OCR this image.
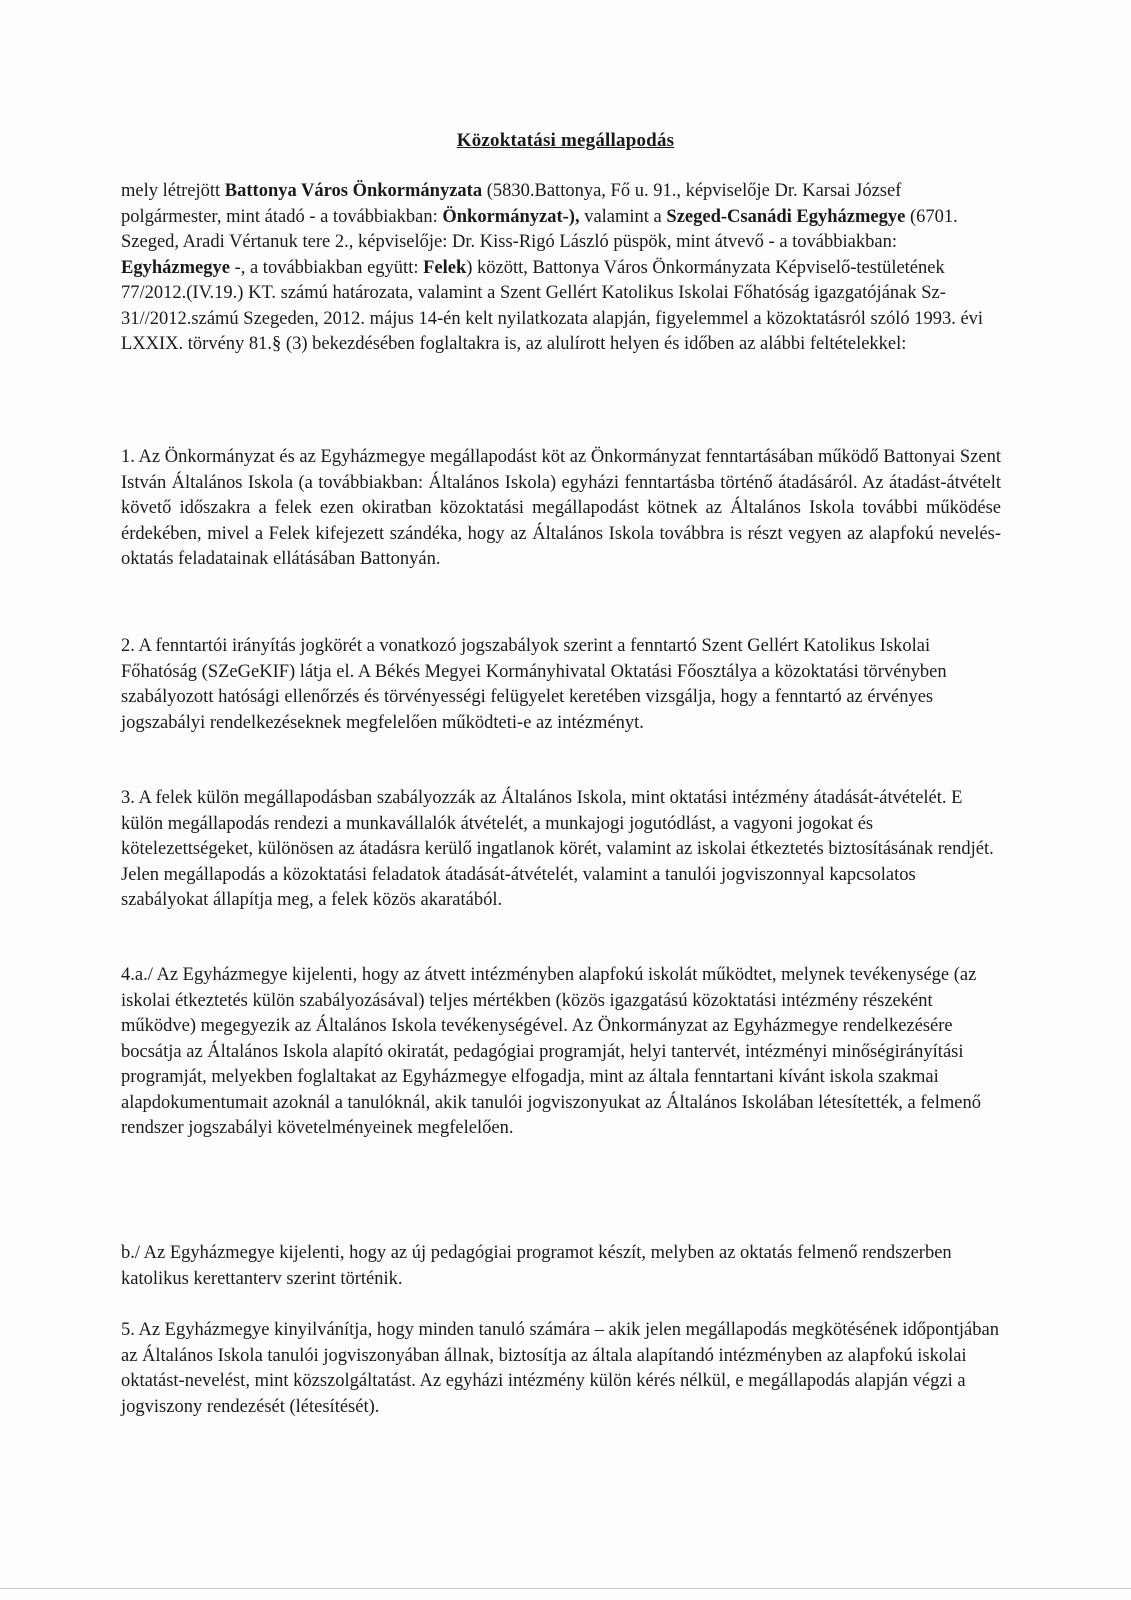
Közoktatási megállapodás
mely létrejött Battonya Város Önkormányzata (5830.Battonya, Fő u. 91., képviselője Dr. Karsai József polgármester, mint átadó - a továbbiakban: Önkormányzat-), valamint a Szeged-Csanádi Egyházmegye (6701. Szeged, Aradi Vértanuk tere 2., képviselője: Dr. Kiss-Rigó László püspök, mint átvevő - a továbbiakban: Egyházmegye -, a továbbiakban együtt: Felek) között, Battonya Város Önkormányzata Képviselő-testületének 77/2012.(IV.19.) KT. számú határozata, valamint a Szent Gellért Katolikus Iskolai Főhatóság igazgatójának Sz-31//2012.számú Szegeden, 2012. május 14-én kelt nyilatkozata alapján, figyelemmel a közoktatásról szóló 1993. évi LXXIX. törvény 81.§ (3) bekezdésében foglaltakra is, az alulírott helyen és időben az alábbi feltételekkel:
1. Az Önkormányzat és az Egyházmegye megállapodást köt az Önkormányzat fenntartásában működő Battonyai Szent István Általános Iskola (a továbbiakban: Általános Iskola) egyházi fenntartásba történő átadásáról. Az átadást-átvételt követő időszakra a felek ezen okiratban közoktatási megállapodást kötnek az Általános Iskola további működése érdekében, mivel a Felek kifejezett szándéka, hogy az Általános Iskola továbbra is részt vegyen az alapfokú nevelés-oktatás feladatainak ellátásában Battonyán.
2. A fenntartói irányítás jogkörét a vonatkozó jogszabályok szerint a fenntartó Szent Gellért Katolikus Iskolai Főhatóság (SZeGeKIF) látja el. A Békés Megyei Kormányhivatal Oktatási Főosztálya a közoktatási törvényben szabályozott hatósági ellenőrzés és törvényességi felügyelet keretében vizsgálja, hogy a fenntartó az érvényes jogszabályi rendelkezéseknek megfelelően működteti-e az intézményt.
3. A felek külön megállapodásban szabályozzák az Általános Iskola, mint oktatási intézmény átadását-átvételét. E külön megállapodás rendezi a munkavállalók átvételét, a munkajogi jogutódlást, a vagyoni jogokat és kötelezettségeket, különösen az átadásra kerülő ingatlanok körét, valamint az iskolai étkeztetés biztosításának rendjét. Jelen megállapodás a közoktatási feladatok átadását-átvételét, valamint a tanulói jogviszonnyal kapcsolatos szabályokat állapítja meg, a felek közös akaratából.
4.a./ Az Egyházmegye kijelenti, hogy az átvett intézményben alapfokú iskolát működtet, melynek tevékenysége (az iskolai étkeztetés külön szabályozásával) teljes mértékben (közös igazgatású közoktatási intézmény részeként működve) megegyezik az Általános Iskola tevékenységével. Az Önkormányzat az Egyházmegye rendelkezésére bocsátja az Általános Iskola alapító okiratát, pedagógiai programját, helyi tantervét, intézményi minőségirányítási programját, melyekben foglaltakat az Egyházmegye elfogadja, mint az általa fenntartani kívánt iskola szakmai alapdokumentumait azoknál a tanulóknál, akik tanulói jogviszonyukat az Általános Iskolában létesítették, a felmenő rendszer jogszabályi követelményeinek megfelelően.
b./ Az Egyházmegye kijelenti, hogy az új pedagógiai programot készít, melyben az oktatás felmenő rendszerben katolikus kerettanterv szerint történik.
5. Az Egyházmegye kinyilvánítja, hogy minden tanuló számára – akik jelen megállapodás megkötésének időpontjában az Általános Iskola tanulói jogviszonyában állnak, biztosítja az általa alapítandó intézményben az alapfokú iskolai oktatást-nevelést, mint közszolgáltatást. Az egyházi intézmény külön kérés nélkül, e megállapodás alapján végzi a jogviszony rendezését (létesítését).
